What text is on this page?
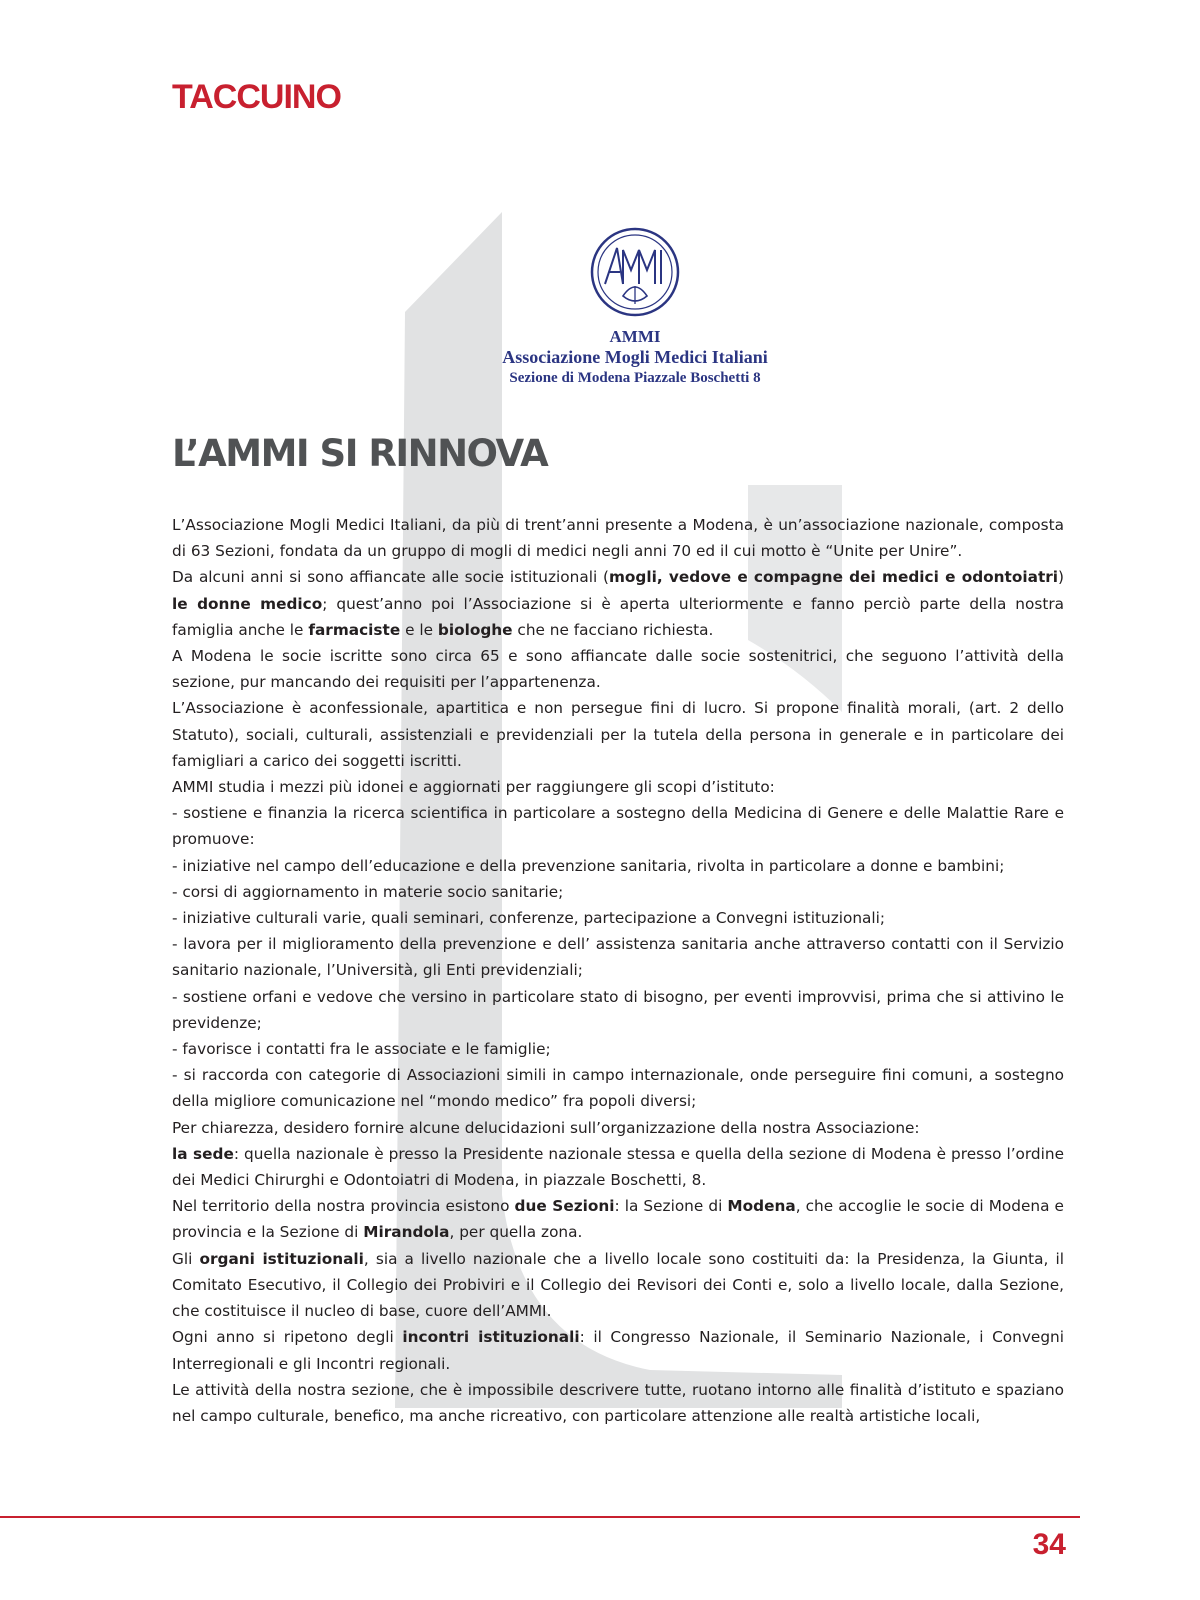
TACCUINO
AMMI
Associazione Mogli Medici Italiani
Sezione di Modena Piazzale Boschetti 8
L’AMMI SI RINNOVA

L’Associazione Mogli Medici Italiani, da più di trent’anni presente a Modena, è un’associazione nazionale, composta di 63 Sezioni, fondata da un gruppo di mogli di medici negli anni 70 ed il cui motto è “Unite per Unire”.

Da alcuni anni si sono affiancate alle socie istituzionali (mogli, vedove e compagne dei medici e odontoiatri) le donne medico; quest’anno poi l’Associazione si è aperta ulteriormente e fanno perciò parte della nostra famiglia anche le farmaciste e le biologhe che ne facciano richiesta.

A Modena le socie iscritte sono circa 65 e sono affiancate dalle socie sostenitrici, che seguono l’attività della sezione, pur mancando dei requisiti per l’appartenenza.

L’Associazione è aconfessionale, apartitica e non persegue fini di lucro. Si propone finalità morali, (art. 2 dello Statuto), sociali, culturali, assistenziali e previdenziali per la tutela della persona in generale e in particolare dei famigliari a carico dei soggetti iscritti.

AMMI studia i mezzi più idonei e aggiornati per raggiungere gli scopi d’istituto:

- sostiene e finanzia la ricerca scientifica in particolare a sostegno della Medicina di Genere e delle Malattie Rare e promuove:

- iniziative nel campo dell’educazione e della prevenzione sanitaria, rivolta in particolare a donne e bambini;

- corsi di aggiornamento in materie socio sanitarie;

- iniziative culturali varie, quali seminari, conferenze, partecipazione a Convegni istituzionali;

- lavora per il miglioramento della prevenzione e dell’ assistenza sanitaria anche attraverso contatti con il Servizio sanitario nazionale, l’Università, gli Enti previdenziali;

- sostiene orfani e vedove che versino in particolare stato di bisogno, per eventi improvvisi, prima che si attivino le previdenze;

- favorisce i contatti fra le associate e le famiglie;

- si raccorda con categorie di Associazioni simili in campo internazionale, onde perseguire fini comuni, a sostegno della migliore comunicazione nel “mondo medico” fra popoli diversi;

Per chiarezza, desidero fornire alcune delucidazioni sull’organizzazione della nostra Associazione:

la sede: quella nazionale è presso la Presidente nazionale stessa e quella della sezione di Modena è presso l’ordine dei Medici Chirurghi e Odontoiatri di Modena, in piazzale Boschetti, 8.

Nel territorio della nostra provincia esistono due Sezioni: la Sezione di Modena, che accoglie le socie di Modena e provincia e la Sezione di Mirandola, per quella zona.

Gli organi istituzionali, sia a livello nazionale che a livello locale sono costituiti da: la Presidenza, la Giunta, il Comitato Esecutivo, il Collegio dei Probiviri e il Collegio dei Revisori dei Conti e, solo a livello locale, dalla Sezione, che costituisce il nucleo di base, cuore dell’AMMI.

Ogni anno si ripetono degli incontri istituzionali: il Congresso Nazionale, il Seminario Nazionale, i Convegni Interregionali e gli Incontri regionali.

Le attività della nostra sezione, che è impossibile descrivere tutte, ruotano intorno alle finalità d’istituto e spaziano nel campo culturale, benefico, ma anche ricreativo, con particolare attenzione alle realtà artistiche locali,

34
